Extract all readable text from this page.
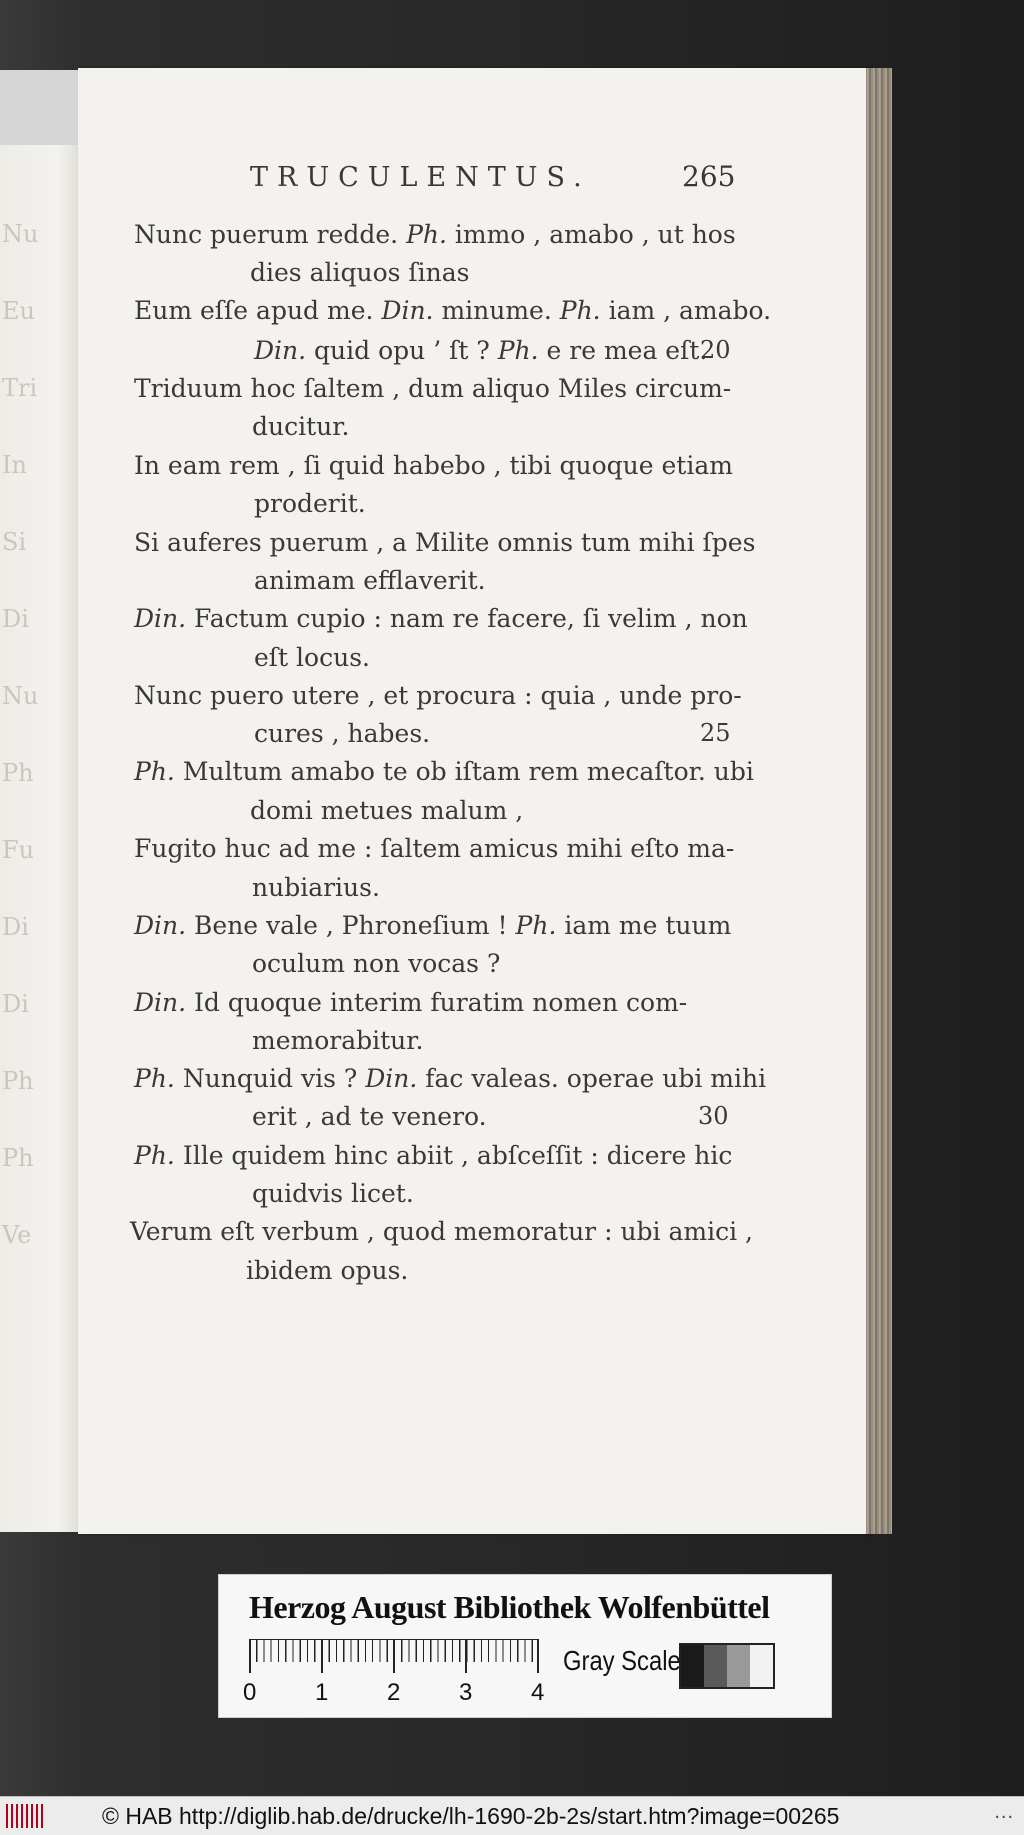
Nu
Eu
Tri
In
Si
Di
Nu
Ph
Fu
Di
Di
Ph
Ph
Ve
TRUCULENTUS.	265
Nunc puerum redde. Ph. immo , amabo , ut hos
dies aliquos ſinas
Eum eſſe apud me. Din. minume. Ph. iam , amabo.
Din. quid opu ’ ſt ? Ph. e re mea eſt.
Triduum hoc ſaltem , dum aliquo Miles circum-
ducitur.
In eam rem , ſi quid habebo , tibi quoque etiam
proderit.
Si auferes puerum , a Milite omnis tum mihi ſpes
animam efflaverit.
Din. Factum cupio : nam re facere, ſi velim , non
eſt locus.
Nunc puero utere , et procura : quia , unde pro-
cures , habes.
Ph. Multum amabo te ob iſtam rem mecaſtor. ubi
domi metues malum ,
Fugito huc ad me : ſaltem amicus mihi eſto ma-
nubiarius.
Din. Bene vale , Phroneſium ! Ph. iam me tuum
oculum non vocas ?
Din. Id quoque interim furatim nomen com-
memorabitur.
Ph. Nunquid vis ? Din. fac valeas. operae ubi mihi
erit , ad te venero.
Ph. Ille quidem hinc abiit , abſceſſit : dicere hic
quidvis licet.
Verum eſt verbum , quod memoratur : ubi amici ,
ibidem opus.
20
25
30
Herzog August Bibliothek Wolfenbüttel
0 1 2 3 4
Gray Scale
© HAB http://diglib.hab.de/drucke/lh-1690-2b-2s/start.htm?image=00265	...
